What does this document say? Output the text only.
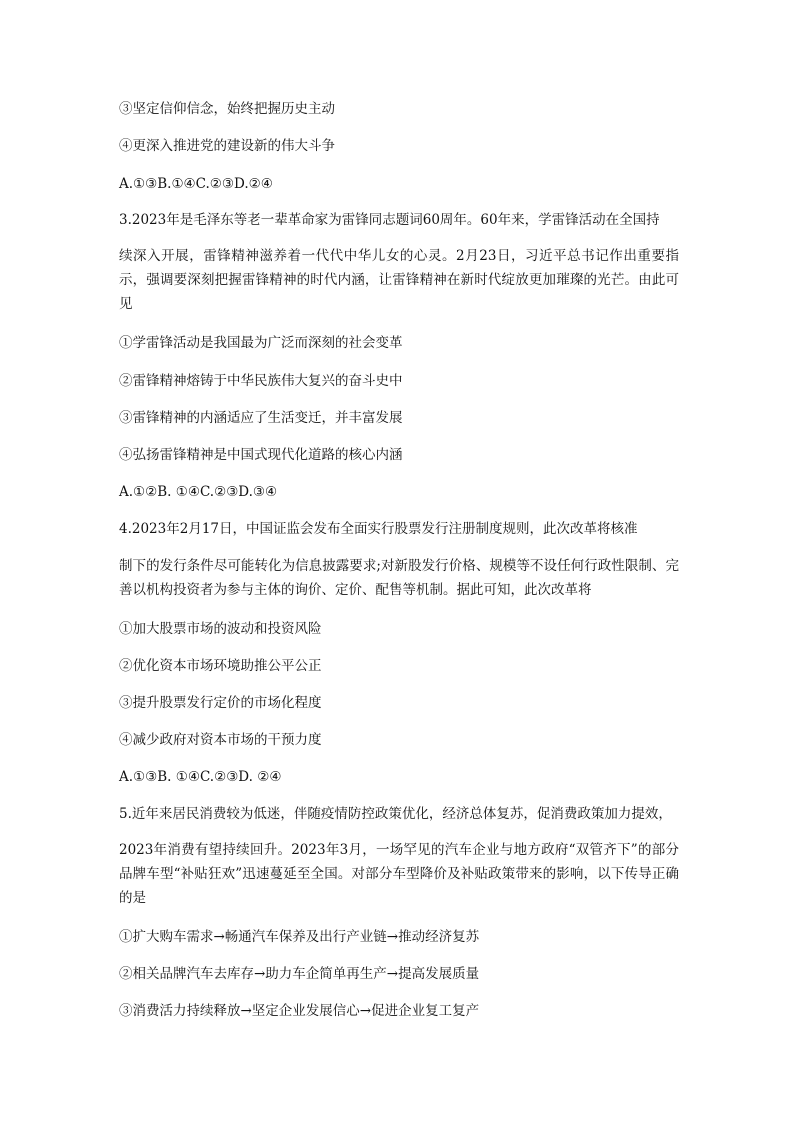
③坚定信仰信念，始终把握历史主动
④更深入推进党的建设新的伟大斗争
A.①③B.①④C.②③D.②④
3.2023年是毛泽东等老一辈革命家为雷锋同志题词60周年。60年来，学雷锋活动在全国持
续深入开展，雷锋精神滋养着一代代中华儿女的心灵。2月23日，习近平总书记作出重要指示，强调要深刻把握雷锋精神的时代内涵，让雷锋精神在新时代绽放更加璀璨的光芒。由此可见
①学雷锋活动是我国最为广泛而深刻的社会变革
②雷锋精神熔铸于中华民族伟大复兴的奋斗史中
③雷锋精神的内涵适应了生活变迁，并丰富发展
④弘扬雷锋精神是中国式现代化道路的核心内涵
A.①②B. ①④C.②③D.③④
4.2023年2月17日，中国证监会发布全面实行股票发行注册制度规则，此次改革将核准
制下的发行条件尽可能转化为信息披露要求;对新股发行价格、规模等不设任何行政性限制、完善以机构投资者为参与主体的询价、定价、配售等机制。据此可知，此次改革将
①加大股票市场的波动和投资风险
②优化资本市场环境助推公平公正
③提升股票发行定价的市场化程度
④减少政府对资本市场的干预力度
A.①③B. ①④C.②③D. ②④
5.近年来居民消费较为低迷，伴随疫情防控政策优化，经济总体复苏，促消费政策加力提效，
2023年消费有望持续回升。2023年3月，一场罕见的汽车企业与地方政府“双管齐下”的部分品牌车型“补贴狂欢”迅速蔓延至全国。对部分车型降价及补贴政策带来的影响，以下传导正确的是
①扩大购车需求→畅通汽车保养及出行产业链→推动经济复苏
②相关品牌汽车去库存→助力车企简单再生产→提高发展质量
③消费活力持续释放→坚定企业发展信心→促进企业复工复产
